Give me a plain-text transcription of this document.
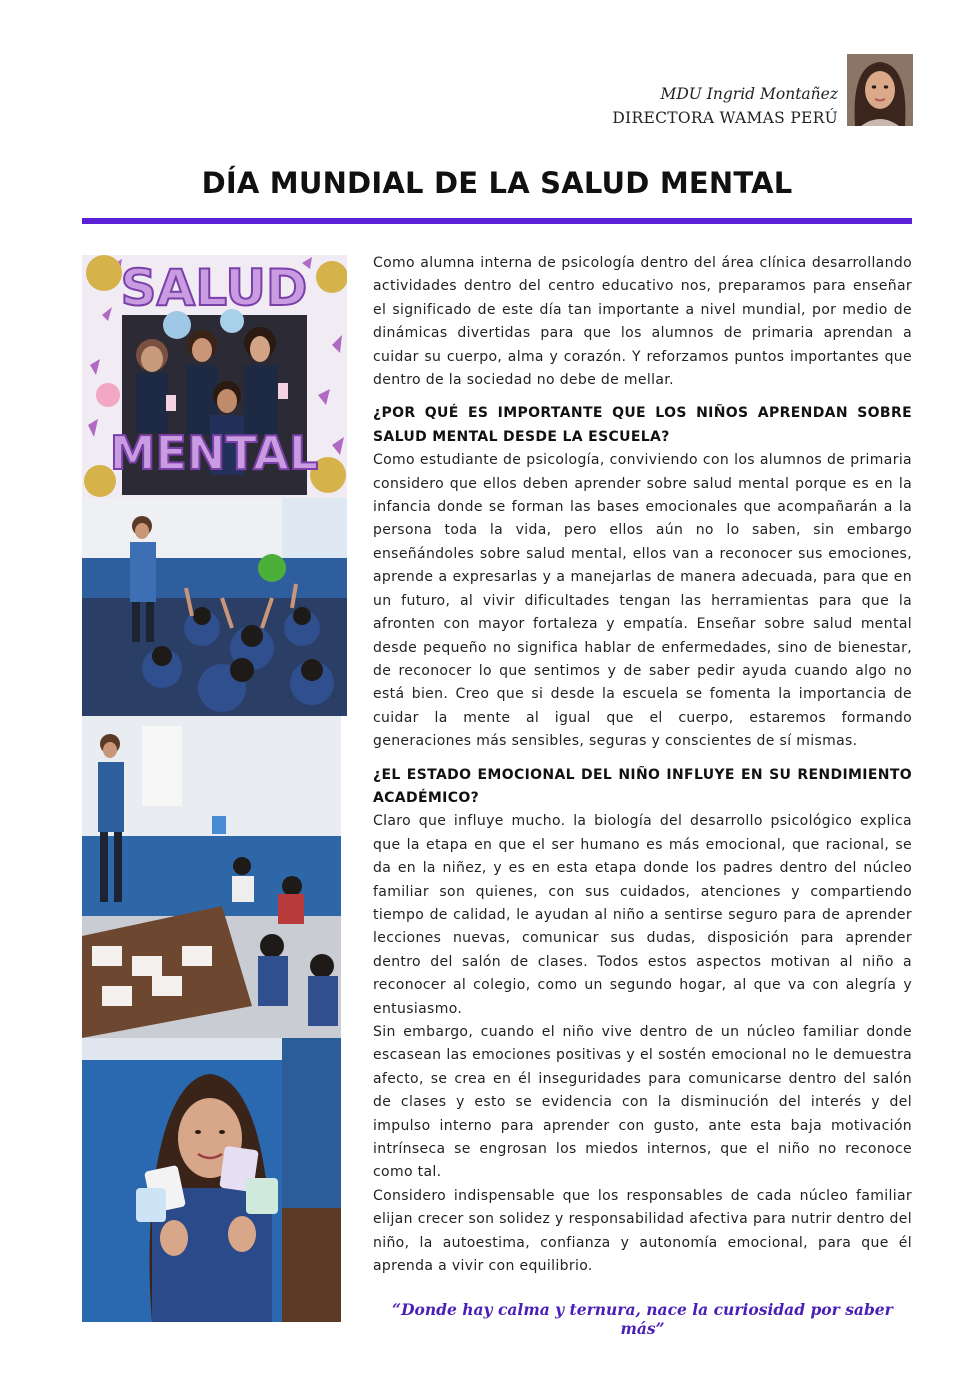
MDU Ingrid Montañez
DIRECTORA WAMAS PERÚ
DÍA MUNDIAL DE LA SALUD MENTAL
SALUD
MENTAL

Como alumna interna de psicología dentro del área clínica desarrollando actividades dentro del centro educativo nos, preparamos para enseñar el significado de este día tan importante a nivel mundial, por medio de dinámicas divertidas para que los alumnos de primaria aprendan a cuidar su cuerpo, alma y corazón. Y reforzamos puntos importantes que dentro de la sociedad no debe de mellar.

¿POR QUÉ ES IMPORTANTE QUE LOS NIÑOS APRENDAN SOBRE SALUD MENTAL DESDE LA ESCUELA?

Como estudiante de psicología, conviviendo con los alumnos de primaria considero que ellos deben aprender sobre salud mental porque es en la infancia donde se forman las bases emocionales que acompañarán a la persona toda la vida, pero ellos aún no lo saben, sin embargo enseñándoles sobre salud mental, ellos van a reconocer sus emociones, aprende a expresarlas y a manejarlas de manera adecuada, para que en un futuro, al vivir dificultades tengan las herramientas para que la afronten con mayor fortaleza y empatía. Enseñar sobre salud mental desde pequeño no significa hablar de enfermedades, sino de bienestar, de reconocer lo que sentimos y de saber pedir ayuda cuando algo no está bien. Creo que si desde la escuela se fomenta la importancia de cuidar la mente al igual que el cuerpo, estaremos formando generaciones más sensibles, seguras y conscientes de sí mismas.

¿EL ESTADO EMOCIONAL DEL NIÑO INFLUYE EN SU RENDIMIENTO ACADÉMICO?

Claro que influye mucho. la biología del desarrollo psicológico explica que la etapa en que el ser humano es más emocional, que racional, se da en la niñez, y es en esta etapa donde los padres dentro del núcleo familiar son quienes, con sus cuidados, atenciones y compartiendo tiempo de calidad, le ayudan al niño a sentirse seguro para de aprender lecciones nuevas, comunicar sus dudas, disposición para aprender dentro del salón de clases. Todos estos aspectos motivan al niño a reconocer al colegio, como un segundo hogar, al que va con alegría y entusiasmo.

Sin embargo, cuando el niño vive dentro de un núcleo familiar donde escasean las emociones positivas y el sostén emocional no le demuestra afecto, se crea en él inseguridades para comunicarse dentro del salón de clases y esto se evidencia con la disminución del interés y del impulso interno para aprender con gusto, ante esta baja motivación intrínseca se engrosan los miedos internos, que el niño no reconoce como tal.

Considero indispensable que los responsables de cada núcleo familiar elijan crecer son solidez y responsabilidad afectiva para nutrir dentro del niño, la autoestima, confianza y autonomía emocional, para que él aprenda a vivir con equilibrio.

“Donde hay calma y ternura, nace la curiosidad por saber más”
